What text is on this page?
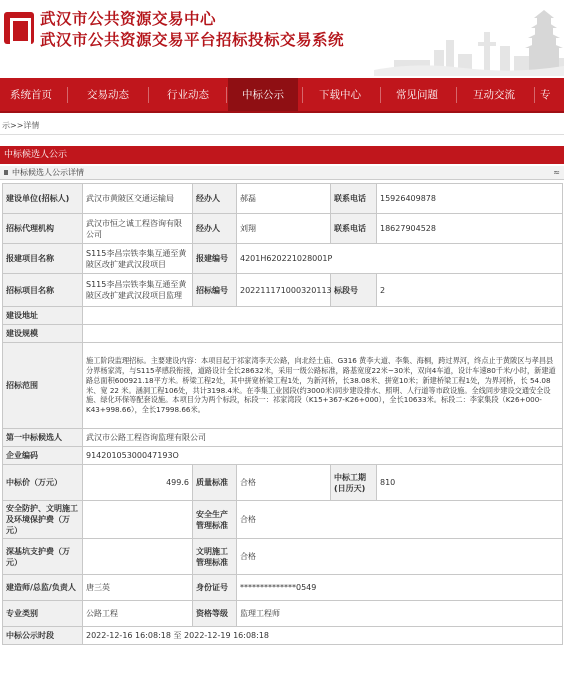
武汉市公共资源交易中心
武汉市公共资源交易平台招标投标交易系统
系统首页	交易动态	行业动态	中标公示	下载中心	常见问题	互动交流	专
示>>详情
中标候选人公示
中标候选人公示详情	≈
建设单位(招标人)	武汉市黄陂区交通运输局	经办人	郝磊	联系电话	15926409878
招标代理机构	武汉市恒之诚工程咨询有限公司	经办人	刘翔	联系电话	18627904528
报建项目名称	S115李昌宗铁李集互通至黄陂区改扩建武汉段项目	报建编号	4201H620221028001P		
招标项目名称	S115李昌宗铁李集互通至黄陂区改扩建武汉段项目监理	招标编号	202211171000320113	标段号	2
建设地址					
建设规模					
招标范围	施工阶段监理招标。主要建设内容：本项目起于祁家湾李天公路，向北经土庙、G316 黄李大道、李集、海桐，跨过界河，终点止于黄陂区与孝昌县分界杨家湾，与S115孝感段衔接，道路设计全长28632米，采用一级公路标准，路基宽度22米~30米，双向4车道，设计车速80千米/小时，新建道路总面积600921.18平方米。桥梁工程2处，其中拼宽桥梁工程1处，为新河桥，长38.08米、拼宽10米；新建桥梁工程1处，为界河桥，长 54.08 米、宽 22 米。涵洞工程106处，共计3198.4米。在李集工业园段(约3000米)同步建设排水、照明、人行道等市政设施。全线同步建设交通安全设施、绿化环保等配套设施。本项目分为两个标段，标段一：祁家湾段（K15+367-K26+000），全长10633米。标段二：李家集段（K26+000-K43+998.66），全长17998.66米。				
第一中标候选人	武汉市公路工程咨询监理有限公司				
企业编码	91420105300047193O				
中标价（万元）	499.6	质量标准	合格	中标工期(日历天)	810
安全防护、文明施工及环境保护费（万元）		安全生产管理标准	合格		
深基坑支护费（万元）		文明施工管理标准	合格		
建造师/总监/负责人	唐三英	身份证号	**************0549		
专业类别	公路工程	资格等级	监理工程师		
中标公示时段	2022-12-16 16:08:18 至 2022-12-19 16:08:18				
